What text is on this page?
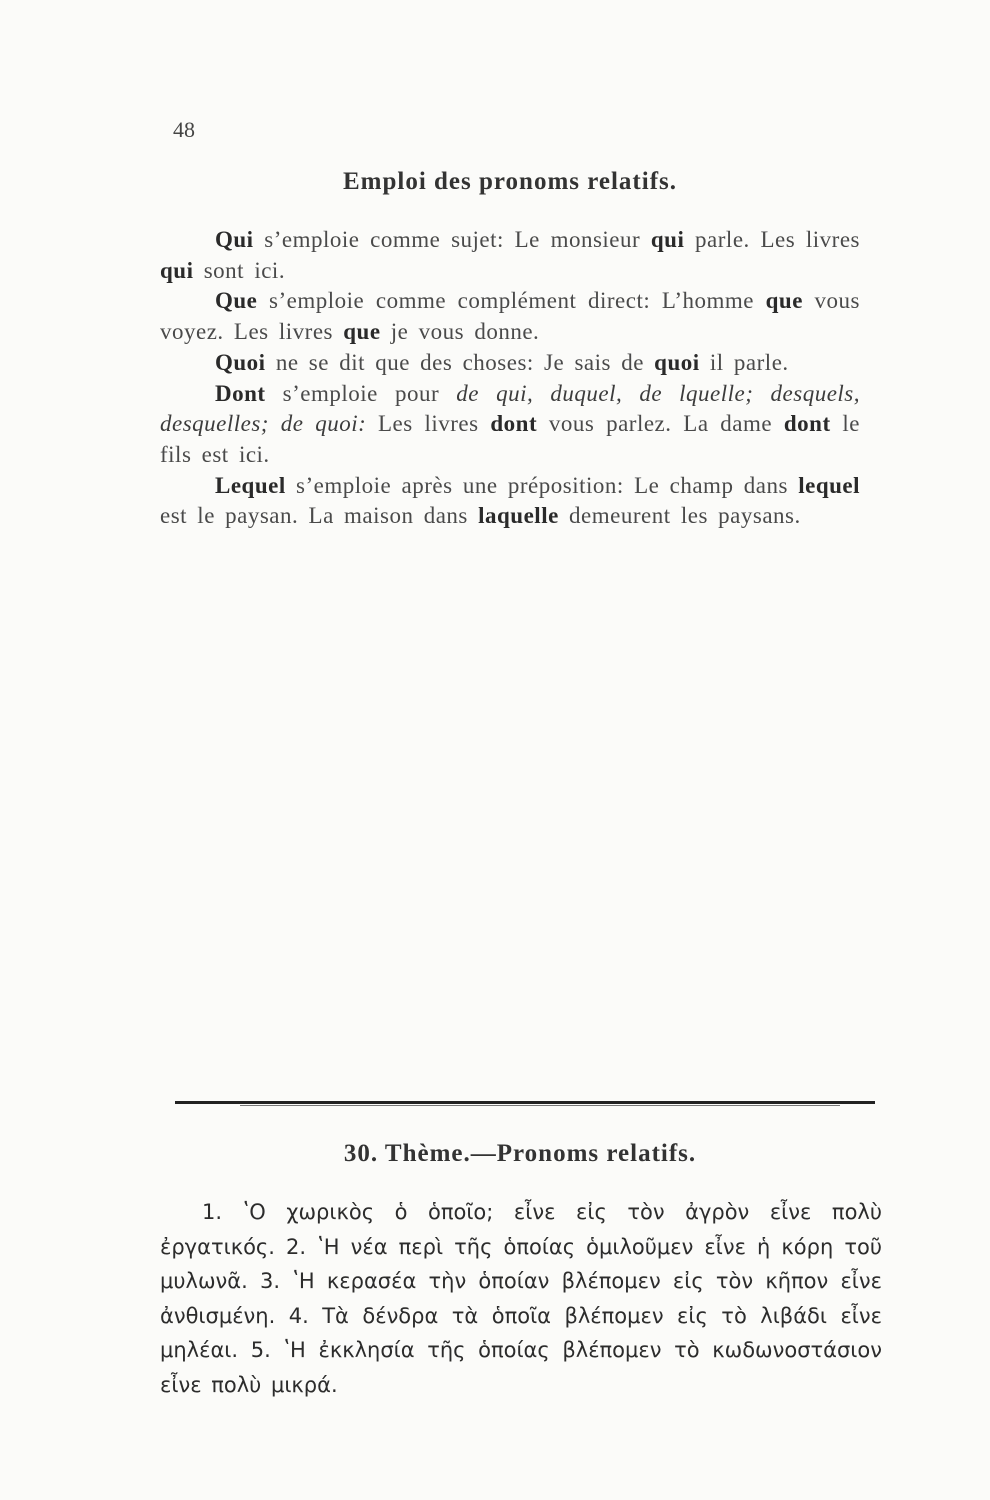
48
Emploi des pronoms relatifs.

Qui s’emploie comme sujet: Le monsieur qui parle. Les livres qui sont ici.

Que s’emploie comme complément direct: L’homme que vous voyez. Les livres que je vous donne.

Quoi ne se dit que des choses: Je sais de quoi il parle.

Dont s’emploie pour de qui, duquel, de lquelle; desquels, desquelles; de quoi: Les livres dont vous parlez. La dame dont le fils est ici.

Lequel s’emploie après une préposition: Le champ dans lequel est le paysan. La maison dans laquelle demeurent les paysans.

30. Thème.—Pronoms relatifs.

1. ʽΟ χωρικὸς ὁ ὁποῖο; εἶνε εἰς τὸν ἀγρὸν εἶνε πολὺ ἐργατικός. 2. ʽΗ νέα περὶ τῆς ὁποίας ὁμιλοῦμεν εἶνε ἡ κόρη τοῦ μυλωνᾶ. 3. ʽΗ κερασέα τὴν ὁποίαν βλέπομεν εἰς τὸν κῆπον εἶνε ἀνθισμένη. 4. Τὰ δένδρα τὰ ὁποῖα βλέπομεν εἰς τὸ λιβάδι εἶνε μηλέαι. 5. ʽΗ ἐκκλησία τῆς ὁποίας βλέπομεν τὸ κωδωνοστάσιον εἶνε πολὺ μικρά.
